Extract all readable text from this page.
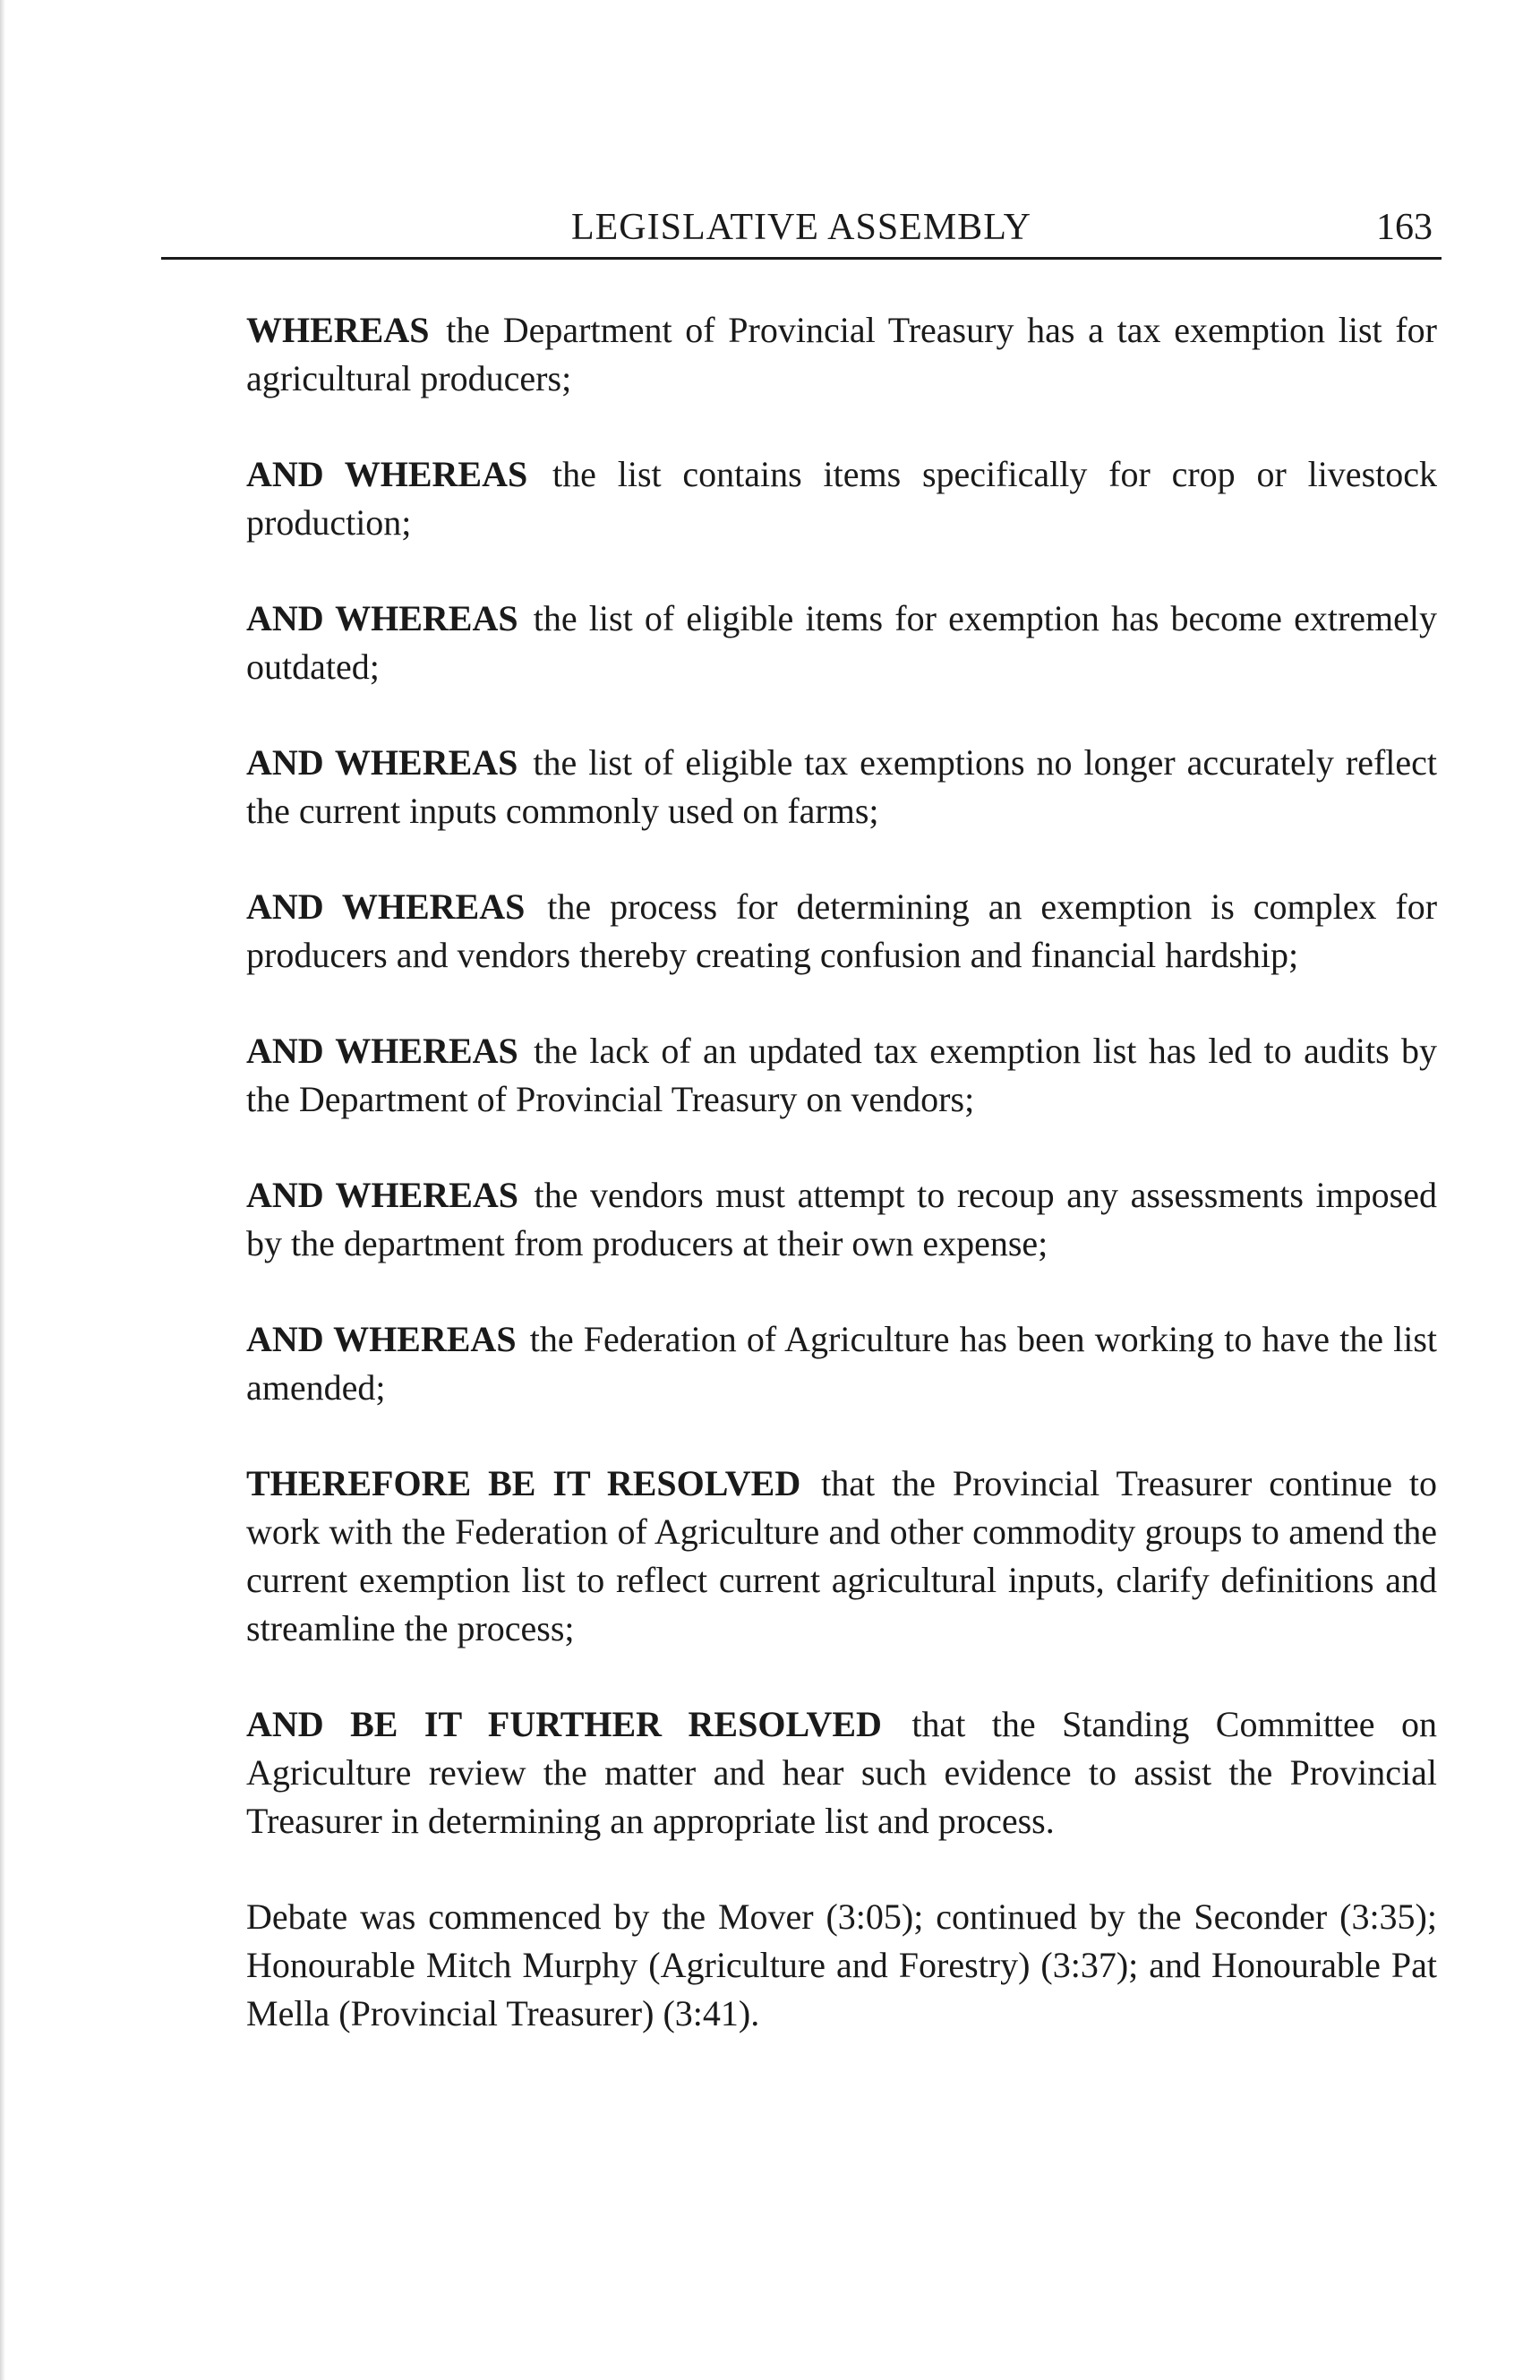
LEGISLATIVE ASSEMBLY	163

WHEREAS the Department of Provincial Treasury has a tax exemption list for agricultural producers;

AND WHEREAS the list contains items specifically for crop or livestock production;

AND WHEREAS the list of eligible items for exemption has become extremely outdated;

AND WHEREAS the list of eligible tax exemptions no longer accurately reflect the current inputs commonly used on farms;

AND WHEREAS the process for determining an exemption is complex for producers and vendors thereby creating confusion and financial hardship;

AND WHEREAS the lack of an updated tax exemption list has led to audits by the Department of Provincial Treasury on vendors;

AND WHEREAS the vendors must attempt to recoup any assessments imposed by the department from producers at their own expense;

AND WHEREAS the Federation of Agriculture has been working to have the list amended;

THEREFORE BE IT RESOLVED that the Provincial Treasurer continue to work with the Federation of Agriculture and other commodity groups to amend the current exemption list to reflect current agricultural inputs, clarify definitions and streamline the process;

AND BE IT FURTHER RESOLVED that the Standing Committee on Agriculture review the matter and hear such evidence to assist the Provincial Treasurer in determining an appropriate list and process.

Debate was commenced by the Mover (3:05); continued by the Seconder (3:35); Honourable Mitch Murphy (Agriculture and Forestry) (3:37); and Honourable Pat Mella (Provincial Treasurer) (3:41).
